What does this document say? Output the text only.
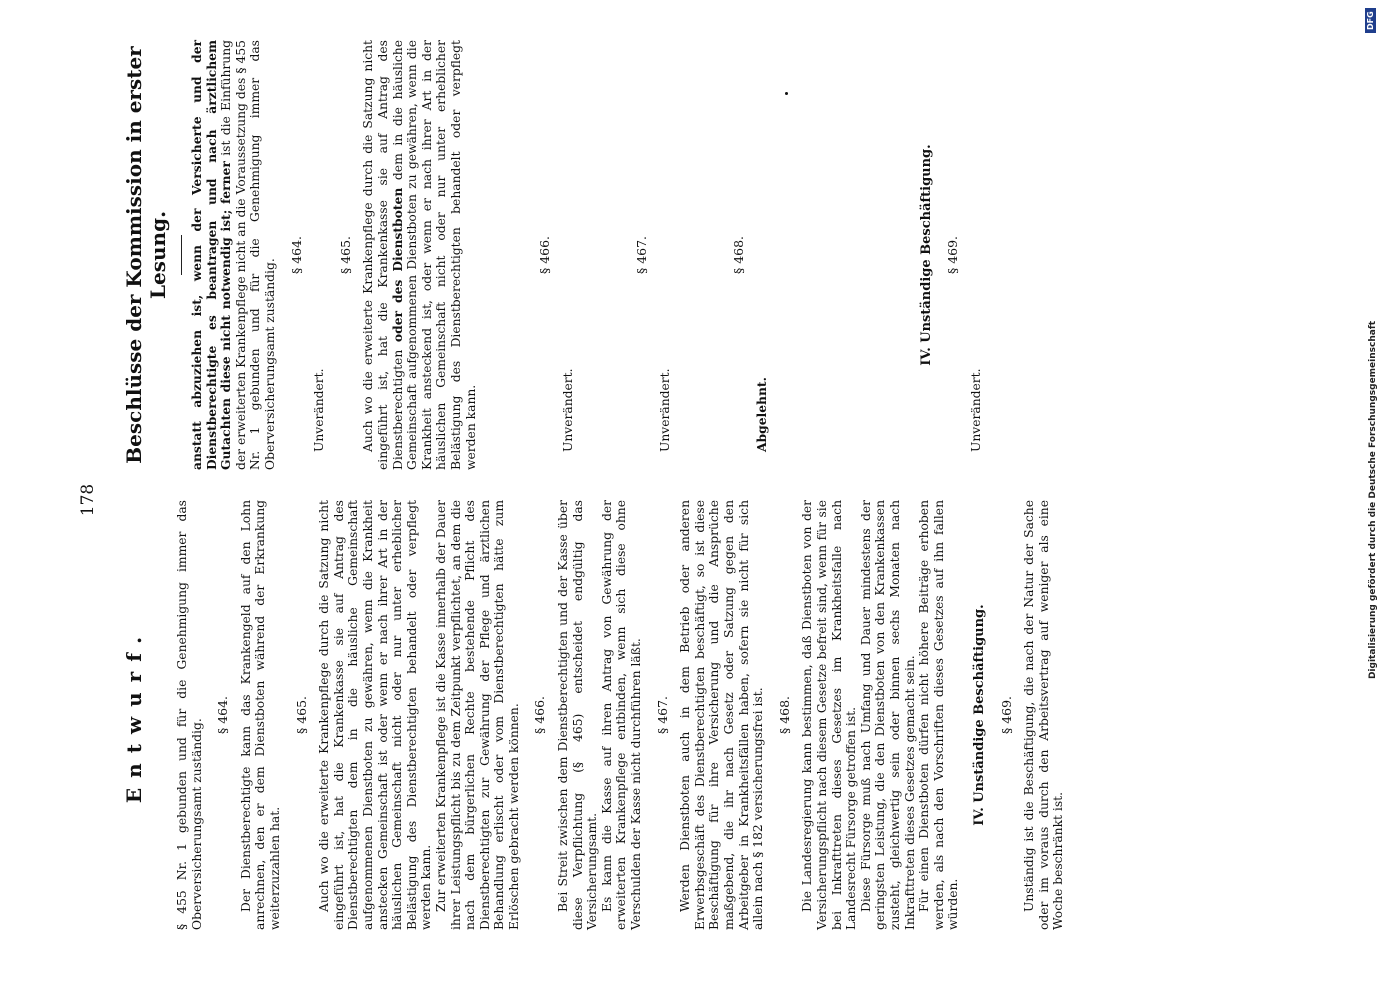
178
Entwurf.
Beschlüsse der Kommission in erster Lesung.

§ 455 Nr. 1 gebunden und für die Genehmigung immer das Oberversicherungsamt zuständig.

§ 464. Der Dienstberechtigte kann das Krankengeld auf den Lohn anrechnen, den er dem Dienstboten während der Erkrankung weiterzuzahlen hat.

§ 465. Auch wo die erweiterte Krankenpflege durch die Satzung nicht eingeführt ist, hat die Krankenkasse sie auf Antrag des Dienstberechtigten dem in die häusliche Gemeinschaft aufgenommenen Dienstboten zu gewähren, wenn die Krankheit anstecken Gemeinschaft ist oder wenn er nach ihrer Art in der häuslichen Gemeinschaft nicht oder nur unter erheblicher Belästigung des Dienstberechtigten behandelt oder verpflegt werden kann. Zur erweiterten Krankenpflege ist die Kasse innerhalb der Dauer ihrer Leistungspflicht bis zu dem Zeitpunkt verpflichtet, an dem die nach dem bürgerlichen Rechte bestehende Pflicht des Dienstberechtigten zur Gewährung der Pflege und ärztlichen Behandlung erlischt oder vom Dienstberechtigten hätte zum Erlöschen gebracht werden können. § 466. Bei Streit zwischen dem Dienstberechtigten und der Kasse über diese Verpflichtung (§ 465) entscheidet endgültig das Versicherungsamt. Es kann die Kasse auf ihren Antrag von Gewährung der erweiterten Krankenpflege entbinden, wenn sich diese ohne Verschulden der Kasse nicht durchführen läßt. § 467. Werden Dienstboten auch in dem Betrieb oder anderen Erwerbsgeschäft des Dienstberechtigten beschäftigt, so ist diese Beschäftigung für ihre Versicherung und die Ansprüche maßgebend, die ihr nach Gesetz oder Satzung gegen den Arbeitgeber in Krankheitsfällen haben, sofern sie nicht für sich allein nach § 182 versicherungsfrei ist. § 468. Die Landesregierung kann bestimmen, daß Dienstboten von der Versicherungspflicht nach diesem Gesetze befreit sind, wenn für sie bei Inkrafttreten dieses Gesetzes im Krankheitsfalle nach Landesrecht Fürsorge getroffen ist. Diese Fürsorge muß nach Umfang und Dauer mindestens der geringsten Leistung, die den Dienstboten von den Krankenkassen zusteht, gleichwertig sein oder binnen sechs Monaten nach Inkrafttreten dieses Gesetzes gemacht sein. Für einen Dienstboten dürfen nicht höhere Beiträge erhoben werden, als nach den Vorschriften dieses Gesetzes auf ihn fallen würden.

IV. Unständige Beschäftigung. § 469. Unständig ist die Beschäftigung, die nach der Natur der Sache oder im voraus durch den Arbeitsvertrag auf weniger als eine Woche beschränkt ist.

anstatt abzuziehen ist, wenn der Versicherte und der Dienstberechtigte es beantragen und nach ärztlichem Gutachten diese nicht notwendig ist; ferner ist die Einführung der erweiterten Krankenpflege nicht an die Voraussetzung des § 455 Nr. 1 gebunden und für die Genehmigung immer das Oberversicherungsamt zuständig.

§ 464.

Unverändert.

§ 465. Auch wo die erweiterte Krankenpflege durch die Satzung nicht eingeführt ist, hat die Krankenkasse sie auf Antrag des Dienstberechtigten oder des Dienstboten dem in die häusliche Gemeinschaft aufgenommenen Dienstboten zu gewähren, wenn die Krankheit ansteckend ist, oder wenn er nach ihrer Art in der häuslichen Gemeinschaft nicht oder nur unter erheblicher Belästigung des Dienstberechtigten behandelt oder verpflegt werden kann.

§ 466.

Unverändert.

§ 467.

Unverändert.

§ 468.

Abgelehnt.

IV. Unständige Beschäftigung. § 469.

Unverändert.	Digitalisierung gefördert durch die Deutsche Forschungsgemeinschaft
DFG
